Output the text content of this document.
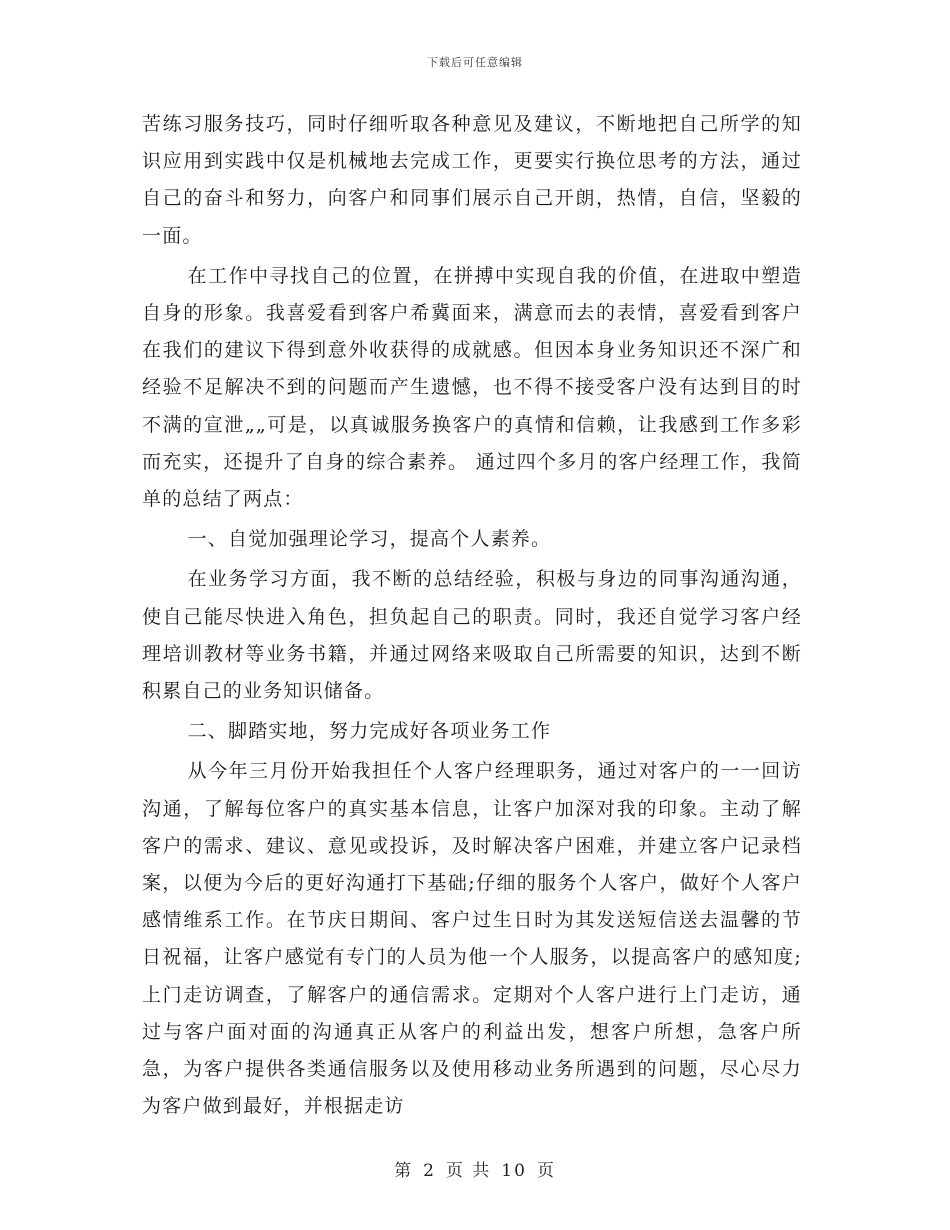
下载后可任意编辑

苦练习服务技巧，同时仔细听取各种意见及建议，不断地把自己所学的知识应用到实践中仅是机械地去完成工作，更要实行换位思考的方法，通过自己的奋斗和努力，向客户和同事们展示自己开朗，热情，自信，坚毅的一面。

在工作中寻找自己的位置，在拼搏中实现自我的价值，在进取中塑造自身的形象。我喜爱看到客户希冀面来，满意而去的表情，喜爱看到客户在我们的建议下得到意外收获得的成就感。但因本身业务知识还不深广和经验不足解决不到的问题而产生遗憾，也不得不接受客户没有达到目的时不满的宣泄„„可是，以真诚服务换客户的真情和信赖，让我感到工作多彩而充实，还提升了自身的综合素养。 通过四个多月的客户经理工作，我简单的总结了两点：

一、自觉加强理论学习，提高个人素养。

在业务学习方面，我不断的总结经验，积极与身边的同事沟通沟通，使自己能尽快进入角色，担负起自己的职责。同时，我还自觉学习客户经理培训教材等业务书籍，并通过网络来吸取自己所需要的知识，达到不断积累自己的业务知识储备。

二、脚踏实地，努力完成好各项业务工作

从今年三月份开始我担任个人客户经理职务，通过对客户的一一回访沟通，了解每位客户的真实基本信息，让客户加深对我的印象。主动了解客户的需求、建议、意见或投诉，及时解决客户困难，并建立客户记录档案，以便为今后的更好沟通打下基础;仔细的服务个人客户，做好个人客户感情维系工作。在节庆日期间、客户过生日时为其发送短信送去温馨的节日祝福，让客户感觉有专门的人员为他一个人服务，以提高客户的感知度;上门走访调查，了解客户的通信需求。定期对个人客户进行上门走访，通过与客户面对面的沟通真正从客户的利益出发，想客户所想，急客户所急，为客户提供各类通信服务以及使用移动业务所遇到的问题，尽心尽力为客户做到最好，并根据走访

第 2 页 共 10 页
